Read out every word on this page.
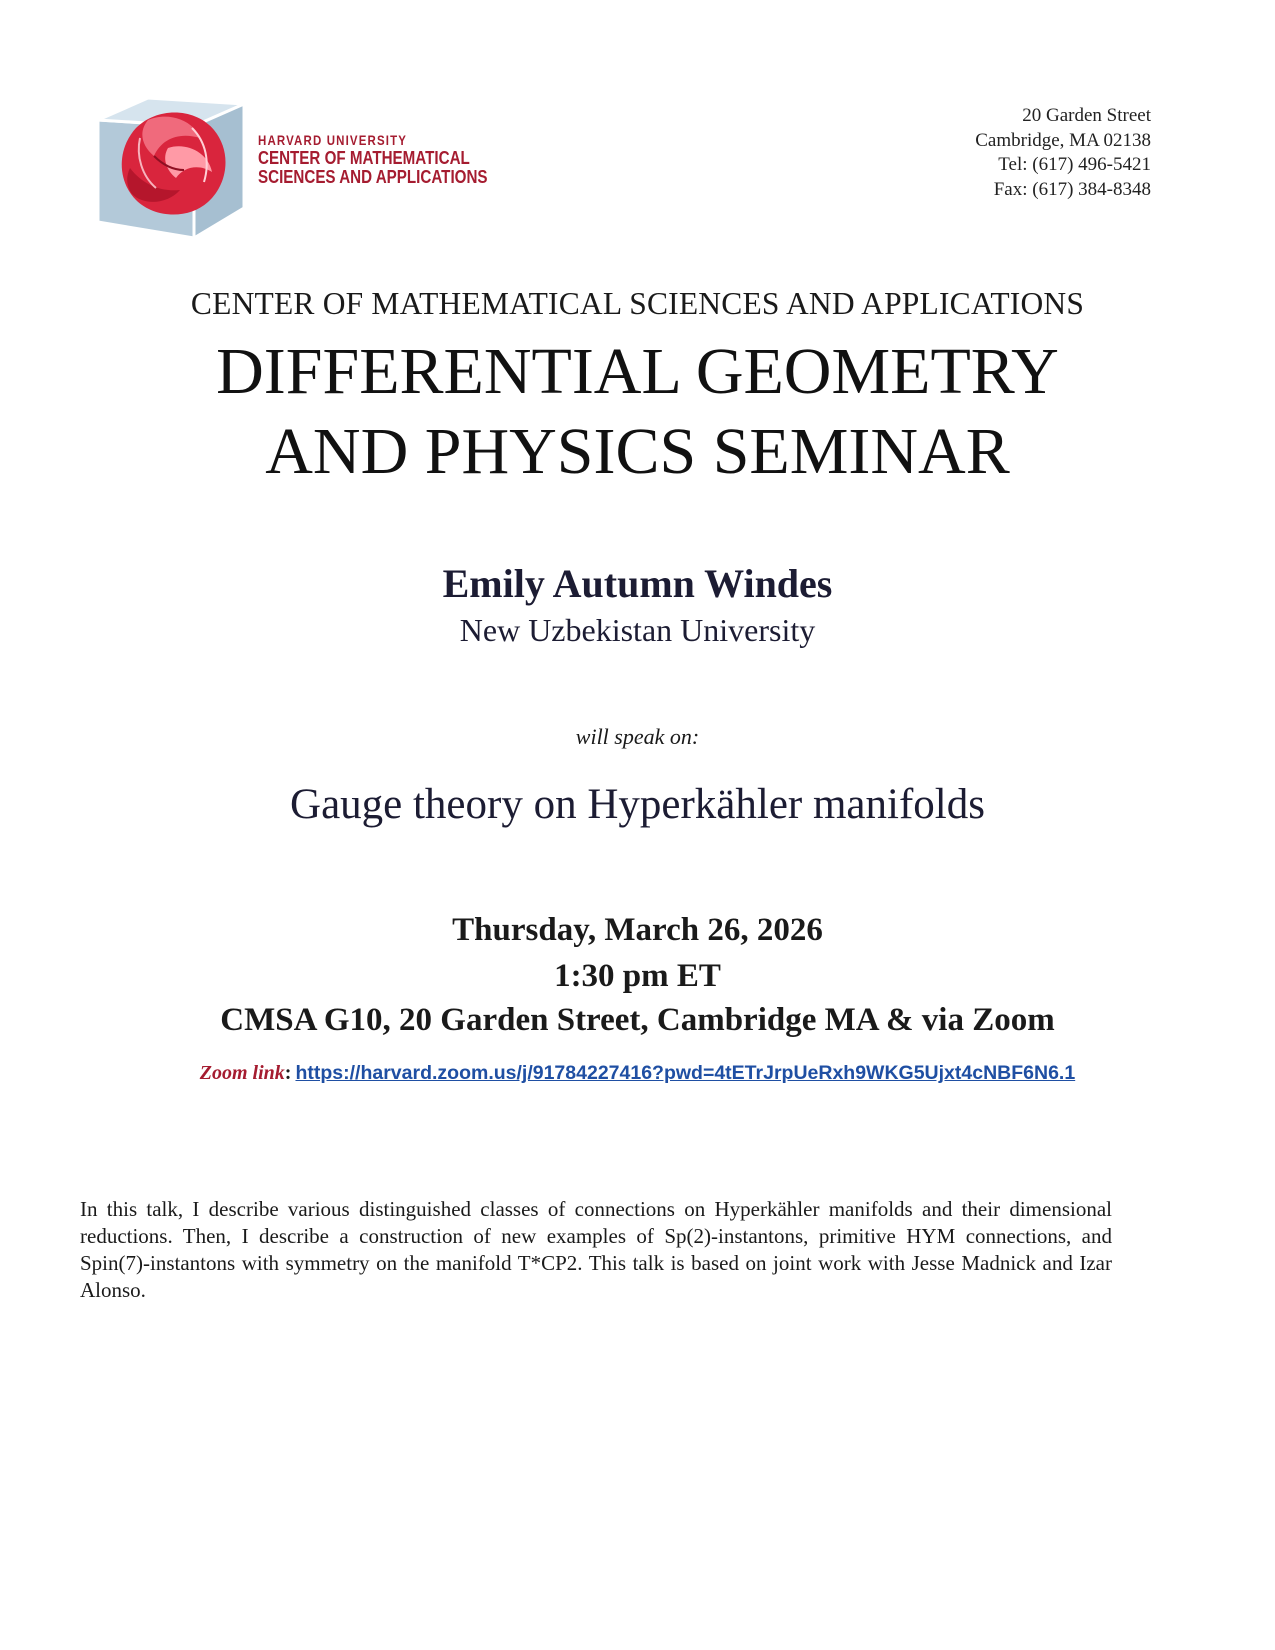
HARVARD UNIVERSITY
CENTER OF MATHEMATICAL
SCIENCES AND APPLICATIONS
20 Garden Street
Cambridge, MA 02138
Tel: (617) 496-5421
Fax: (617) 384-8348
CENTER OF MATHEMATICAL SCIENCES AND APPLICATIONS
DIFFERENTIAL GEOMETRY
AND PHYSICS SEMINAR
Emily Autumn Windes
New Uzbekistan University
will speak on:
Gauge theory on Hyperkähler manifolds
Thursday, March 26, 2026
1:30 pm ET
CMSA G10, 20 Garden Street, Cambridge MA & via Zoom
Zoom link: https://harvard.zoom.us/j/91784227416?pwd=4tETrJrpUeRxh9WKG5Ujxt4cNBF6N6.1
In this talk, I describe various distinguished classes of connections on Hyperkähler manifolds and their dimensional reductions. Then, I describe a construction of new examples of Sp(2)-instantons, primitive HYM connections, and Spin(7)-instantons with symmetry on the manifold T*CP2. This talk is based on joint work with Jesse Madnick and Izar Alonso.
